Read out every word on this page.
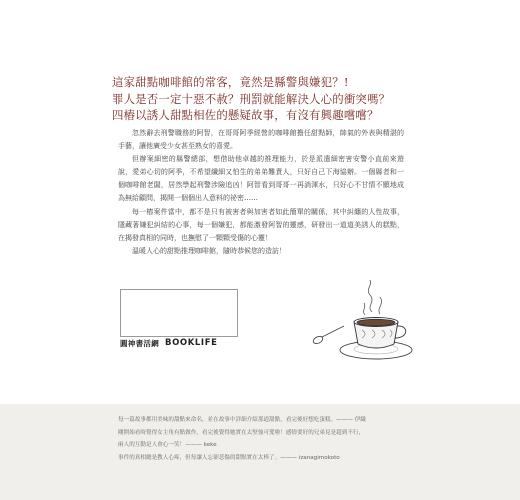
這家甜點咖啡館的常客，竟然是縣警與嫌犯？!
罪人是否一定十惡不赦？刑罰就能解決人心的衝突嗎？
四樁以誘人甜點相佐的懸疑故事，有沒有興趣嚐嚐？

忽然辭去刑警職務的阿智，在哥哥阿季經營的咖啡館擔任甜點師，帥氣的外表與精湛的手藝，讓他廣受少女甚至熟女的喜愛。

但辦案細密的縣警總部，想借助他卓越的推理能力，於是派遣細密害安警小直前來遊說，愛弟心切的阿季，不希望纖細又怕生的弟弟難責人，只好自己下海協辦。一個縣者和一個咖啡館老闆，居然學起刑警涉險追凶！阿智看到哥哥一再淌渾水，只好心不甘情不願地成為無給顧問，揭開一個個出人意料的祕密……

每一樁案件當中，都不是只有被害者與加害者如此簡單的關係，其中糾纏的人性故事，隱藏著嫌犯糾結的心事，每一個嫌犯，都能激發阿智的靈感，研發出一道道美誘人的糕點，在揭發真相的同時，也撫慰了一顆顆受傷的心靈！

溫暖人心的甜點推理咖啡館，隨時恭候您的造訪！

圓神書活網 BOOKLIFE
每一篇故事都用美味的甜點來命名，並在故事中詳細介紹那道甜點，看完後好想吃蛋糕。——— 伊織
剛開始看時覺得女主角有點做作，看完後覺得她實在太堅強可愛啦！感情要好的兄弟見是超到不行，
兩人的互動是人會心一笑！——— keke
事件的真相總是教人心疼，但每讓人忘卻悲傷的甜點實在太棒了。——— izanagimokoto
